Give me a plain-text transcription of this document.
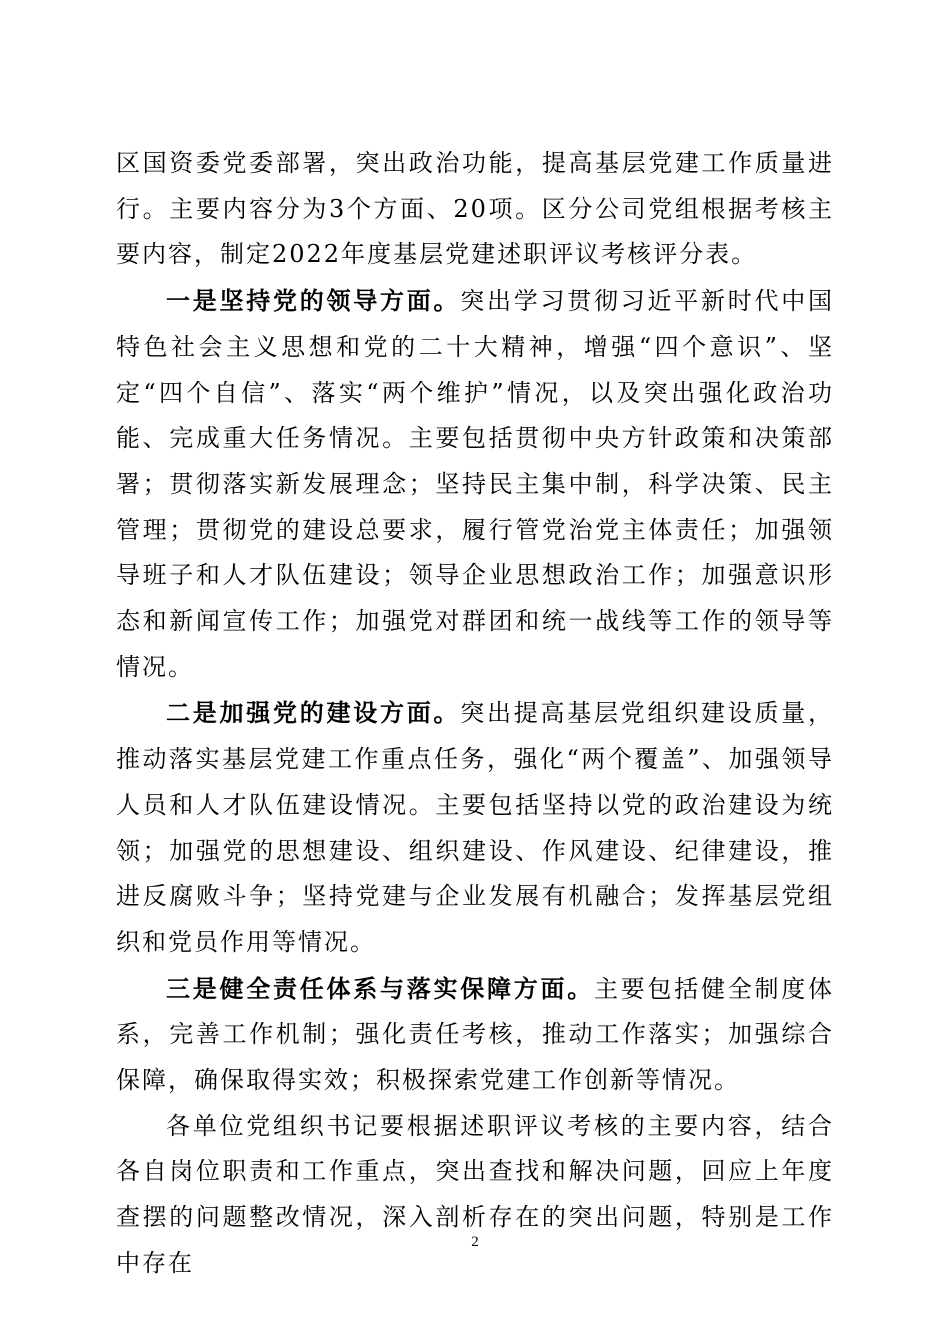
区国资委党委部署，突出政治功能，提高基层党建工作质量进行。主要内容分为3个方面、20项。区分公司党组根据考核主要内容，制定2022年度基层党建述职评议考核评分表。

一是坚持党的领导方面。突出学习贯彻习近平新时代中国特色社会主义思想和党的二十大精神，增强“四个意识”、坚定“四个自信”、落实“两个维护”情况，以及突出强化政治功能、完成重大任务情况。主要包括贯彻中央方针政策和决策部署；贯彻落实新发展理念；坚持民主集中制，科学决策、民主管理；贯彻党的建设总要求，履行管党治党主体责任；加强领导班子和人才队伍建设；领导企业思想政治工作；加强意识形态和新闻宣传工作；加强党对群团和统一战线等工作的领导等情况。

二是加强党的建设方面。突出提高基层党组织建设质量，推动落实基层党建工作重点任务，强化“两个覆盖”、加强领导人员和人才队伍建设情况。主要包括坚持以党的政治建设为统领；加强党的思想建设、组织建设、作风建设、纪律建设，推进反腐败斗争；坚持党建与企业发展有机融合；发挥基层党组织和党员作用等情况。

三是健全责任体系与落实保障方面。主要包括健全制度体系，完善工作机制；强化责任考核，推动工作落实；加强综合保障，确保取得实效；积极探索党建工作创新等情况。

各单位党组织书记要根据述职评议考核的主要内容，结合各自岗位职责和工作重点，突出查找和解决问题，回应上年度查摆的问题整改情况，深入剖析存在的突出问题，特别是工作中存在

2
